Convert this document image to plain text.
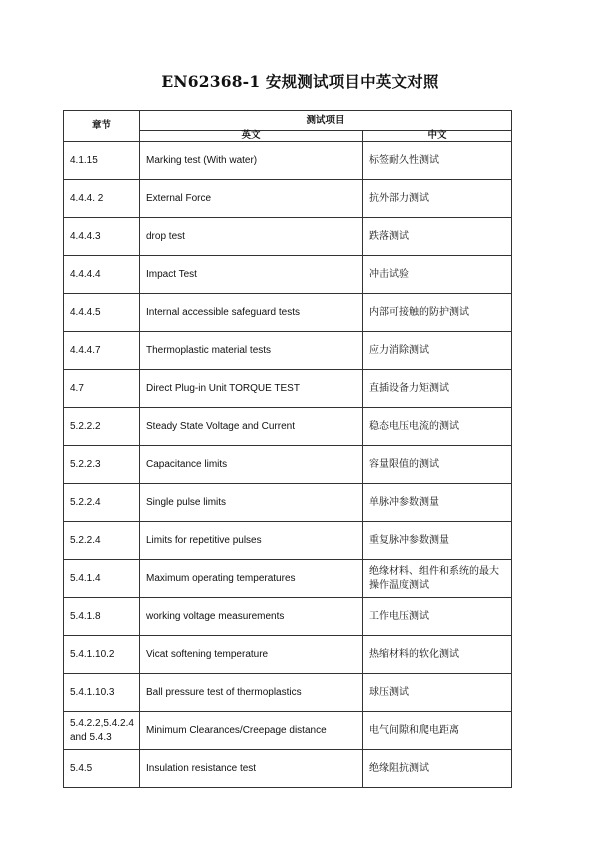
EN62368-1 安规测试项目中英文对照
章节	测试项目	
	英文	中文
4.1.15	Marking test (With water)	标签耐久性测试
4.4.4. 2	External Force	抗外部力测试
4.4.4.3	drop test	跌落测试
4.4.4.4	Impact Test	冲击试验
4.4.4.5	Internal accessible safeguard tests	内部可接触的防护测试
4.4.4.7	Thermoplastic material tests	应力消除测试
4.7	Direct Plug-in Unit TORQUE TEST	直插设备力矩测试
5.2.2.2	Steady State Voltage and Current	稳态电压电流的测试
5.2.2.3	Capacitance limits	容量限值的测试
5.2.2.4	Single pulse limits	单脉冲参数测量
5.2.2.4	Limits for repetitive pulses	重复脉冲参数测量
5.4.1.4	Maximum operating temperatures	绝缘材料、组件和系统的最大操作温度测试
5.4.1.8	working voltage measurements	工作电压测试
5.4.1.10.2	Vicat softening temperature	热缩材料的软化测试
5.4.1.10.3	Ball pressure test of thermoplastics	球压测试
5.4.2.2,5.4.2.4 and 5.4.3	Minimum Clearances/Creepage distance	电气间隙和爬电距离
5.4.5	Insulation resistance test	绝缘阻抗测试
